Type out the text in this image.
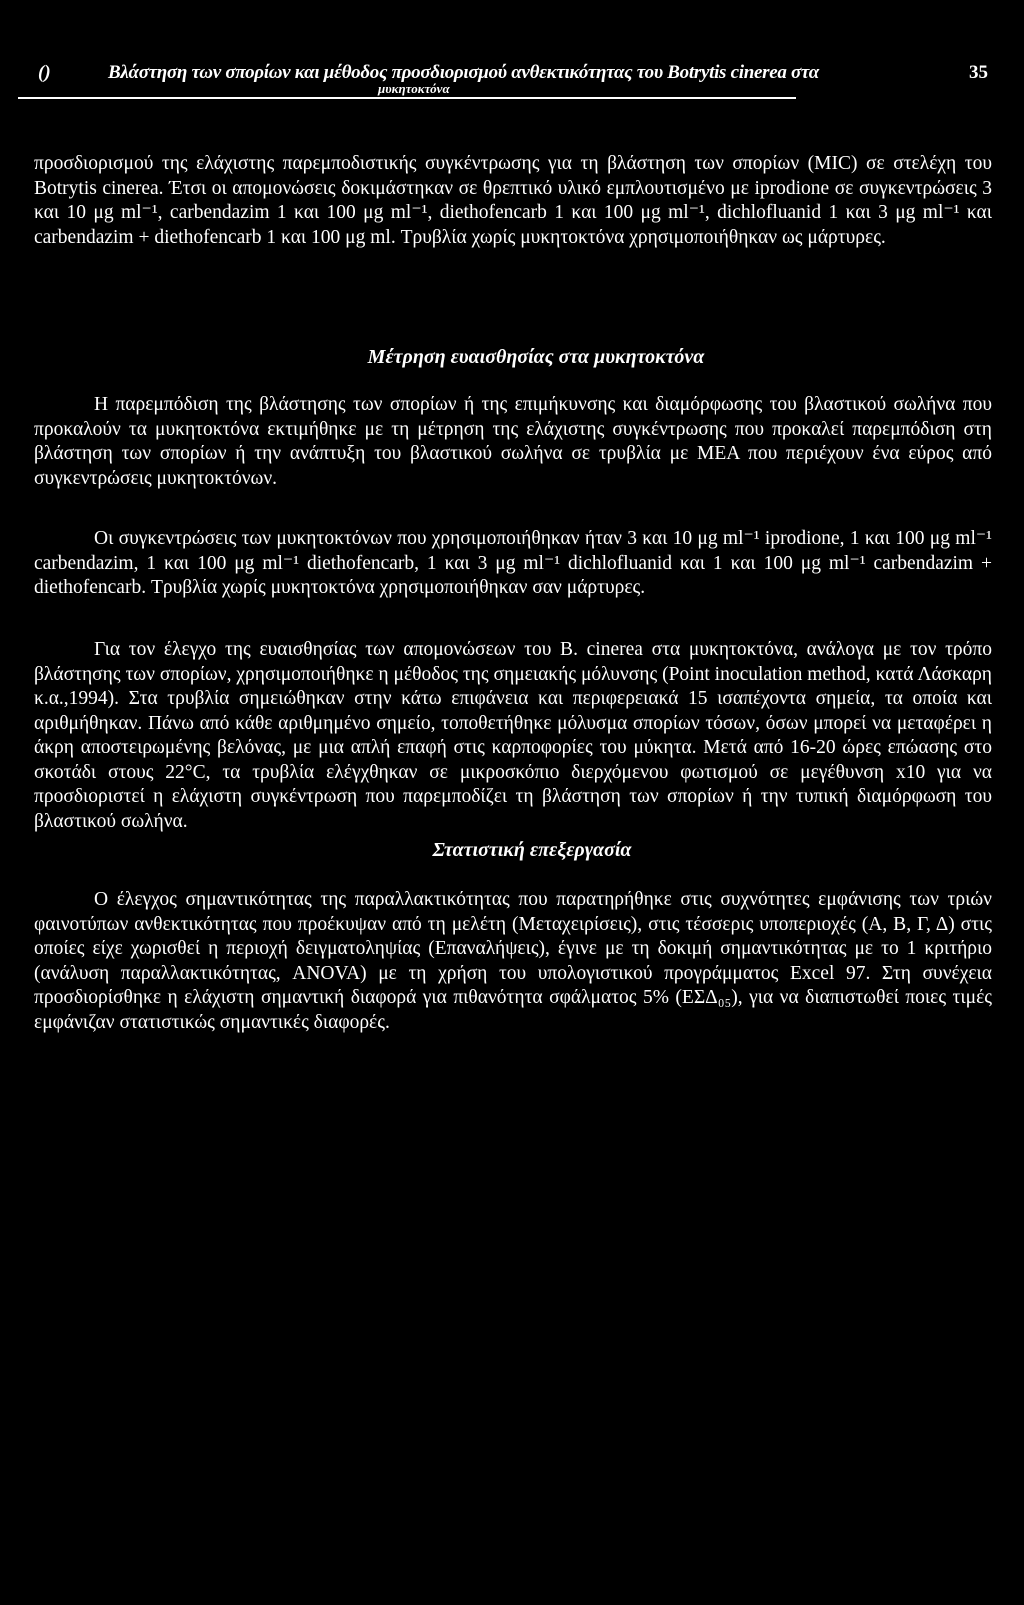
()	Βλάστηση των σπορίων και μέθοδος προσδιορισμού ανθεκτικότητας του Botrytis cinerea στα	35
μυκητοκτόνα

προσδιορισμού της ελάχιστης παρεμποδιστικής συγκέντρωσης για τη βλάστηση των σπορίων (MIC) σε στελέχη του Botrytis cinerea. Έτσι οι απομονώσεις δοκιμάστηκαν σε θρεπτικό υλικό εμπλουτισμένο με iprodione σε συγκεντρώσεις 3 και 10 μg ml⁻¹, carbendazim 1 και 100 μg ml⁻¹, diethofencarb 1 και 100 μg ml⁻¹, dichlofluanid 1 και 3 μg ml⁻¹ και carbendazim + diethofencarb 1 και 100 μg ml. Τρυβλία χωρίς μυκητοκτόνα χρησιμοποιήθηκαν ως μάρτυρες.

Μέτρηση ευαισθησίας στα μυκητοκτόνα

Η παρεμπόδιση της βλάστησης των σπορίων ή της επιμήκυνσης και διαμόρφωσης του βλαστικού σωλήνα που προκαλούν τα μυκητοκτόνα εκτιμήθηκε με τη μέτρηση της ελάχιστης συγκέντρωσης που προκαλεί παρεμπόδιση στη βλάστηση των σπορίων ή την ανάπτυξη του βλαστικού σωλήνα σε τρυβλία με ΜΕΑ που περιέχουν ένα εύρος από συγκεντρώσεις μυκητοκτόνων.

Οι συγκεντρώσεις των μυκητοκτόνων που χρησιμοποιήθηκαν ήταν 3 και 10 μg ml⁻¹ iprodione, 1 και 100 μg ml⁻¹ carbendazim, 1 και 100 μg ml⁻¹ diethofencarb, 1 και 3 μg ml⁻¹ dichlofluanid και 1 και 100 μg ml⁻¹ carbendazim + diethofencarb. Τρυβλία χωρίς μυκητοκτόνα χρησιμοποιήθηκαν σαν μάρτυρες.

Για τον έλεγχο της ευαισθησίας των απομονώσεων του B. cinerea στα μυκητοκτόνα, ανάλογα με τον τρόπο βλάστησης των σπορίων, χρησιμοποιήθηκε η μέθοδος της σημειακής μόλυνσης (Point inoculation method, κατά Λάσκαρη κ.α.,1994). Στα τρυβλία σημειώθηκαν στην κάτω επιφάνεια και περιφερειακά 15 ισαπέχοντα σημεία, τα οποία και αριθμήθηκαν. Πάνω από κάθε αριθμημένο σημείο, τοποθετήθηκε μόλυσμα σπορίων τόσων, όσων μπορεί να μεταφέρει η άκρη αποστειρωμένης βελόνας, με μια απλή επαφή στις καρποφορίες του μύκητα. Μετά από 16-20 ώρες επώασης στο σκοτάδι στους 22°C, τα τρυβλία ελέγχθηκαν σε μικροσκόπιο διερχόμενου φωτισμού σε μεγέθυνση x10 για να προσδιοριστεί η ελάχιστη συγκέντρωση που παρεμποδίζει τη βλάστηση των σπορίων ή την τυπική διαμόρφωση του βλαστικού σωλήνα.

Στατιστική επεξεργασία

Ο έλεγχος σημαντικότητας της παραλλακτικότητας που παρατηρήθηκε στις συχνότητες εμφάνισης των τριών φαινοτύπων ανθεκτικότητας που προέκυψαν από τη μελέτη (Μεταχειρίσεις), στις τέσσερις υποπεριοχές (Α, Β, Γ, Δ) στις οποίες είχε χωρισθεί η περιοχή δειγματοληψίας (Επαναλήψεις), έγινε με τη δοκιμή σημαντικότητας με το 1 κριτήριο (ανάλυση παραλλακτικότητας, ANOVA) με τη χρήση του υπολογιστικού προγράμματος Excel 97. Στη συνέχεια προσδιορίσθηκε η ελάχιστη σημαντική διαφορά για πιθανότητα σφάλματος 5% (ΕΣΔ₀₅), για να διαπιστωθεί ποιες τιμές εμφάνιζαν στατιστικώς σημαντικές διαφορές.
